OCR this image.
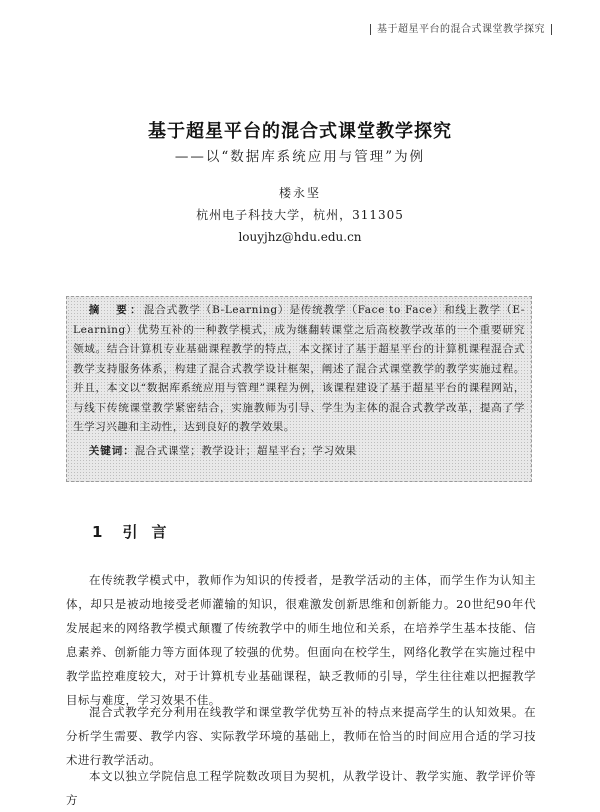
基于超星平台的混合式课堂教学探究
基于超星平台的混合式课堂教学探究
——以“数据库系统应用与管理”为例
楼永坚
杭州电子科技大学，杭州，311305
louyjhz@hdu.edu.cn

摘　要：混合式教学（B-Learning）是传统教学（Face to Face）和线上教学（E-Learning）优势互补的一种教学模式，成为继翻转课堂之后高校教学改革的一个重要研究领域。结合计算机专业基础课程教学的特点，本文探讨了基于超星平台的计算机课程混合式教学支持服务体系，构建了混合式教学设计框架，阐述了混合式课堂教学的教学实施过程。并且，本文以“数据库系统应用与管理”课程为例，该课程建设了基于超星平台的课程网站，与线下传统课堂教学紧密结合，实施教师为引导、学生为主体的混合式教学改革，提高了学生学习兴趣和主动性，达到良好的教学效果。

关键词：混合式课堂；教学设计；超星平台；学习效果

1 引言

在传统教学模式中，教师作为知识的传授者，是教学活动的主体，而学生作为认知主体，却只是被动地接受老师灌输的知识，很难激发创新思维和创新能力。20世纪90年代发展起来的网络教学模式颠覆了传统教学中的师生地位和关系，在培养学生基本技能、信息素养、创新能力等方面体现了较强的优势。但面向在校学生，网络化教学在实施过程中教学监控难度较大，对于计算机专业基础课程，缺乏教师的引导，学生往往难以把握教学目标与难度，学习效果不佳。

混合式教学充分利用在线教学和课堂教学优势互补的特点来提高学生的认知效果。在分析学生需要、教学内容、实际教学环境的基础上，教师在恰当的时间应用合适的学习技术进行教学活动。

本文以独立学院信息工程学院数改项目为契机，从教学设计、教学实施、教学评价等方
